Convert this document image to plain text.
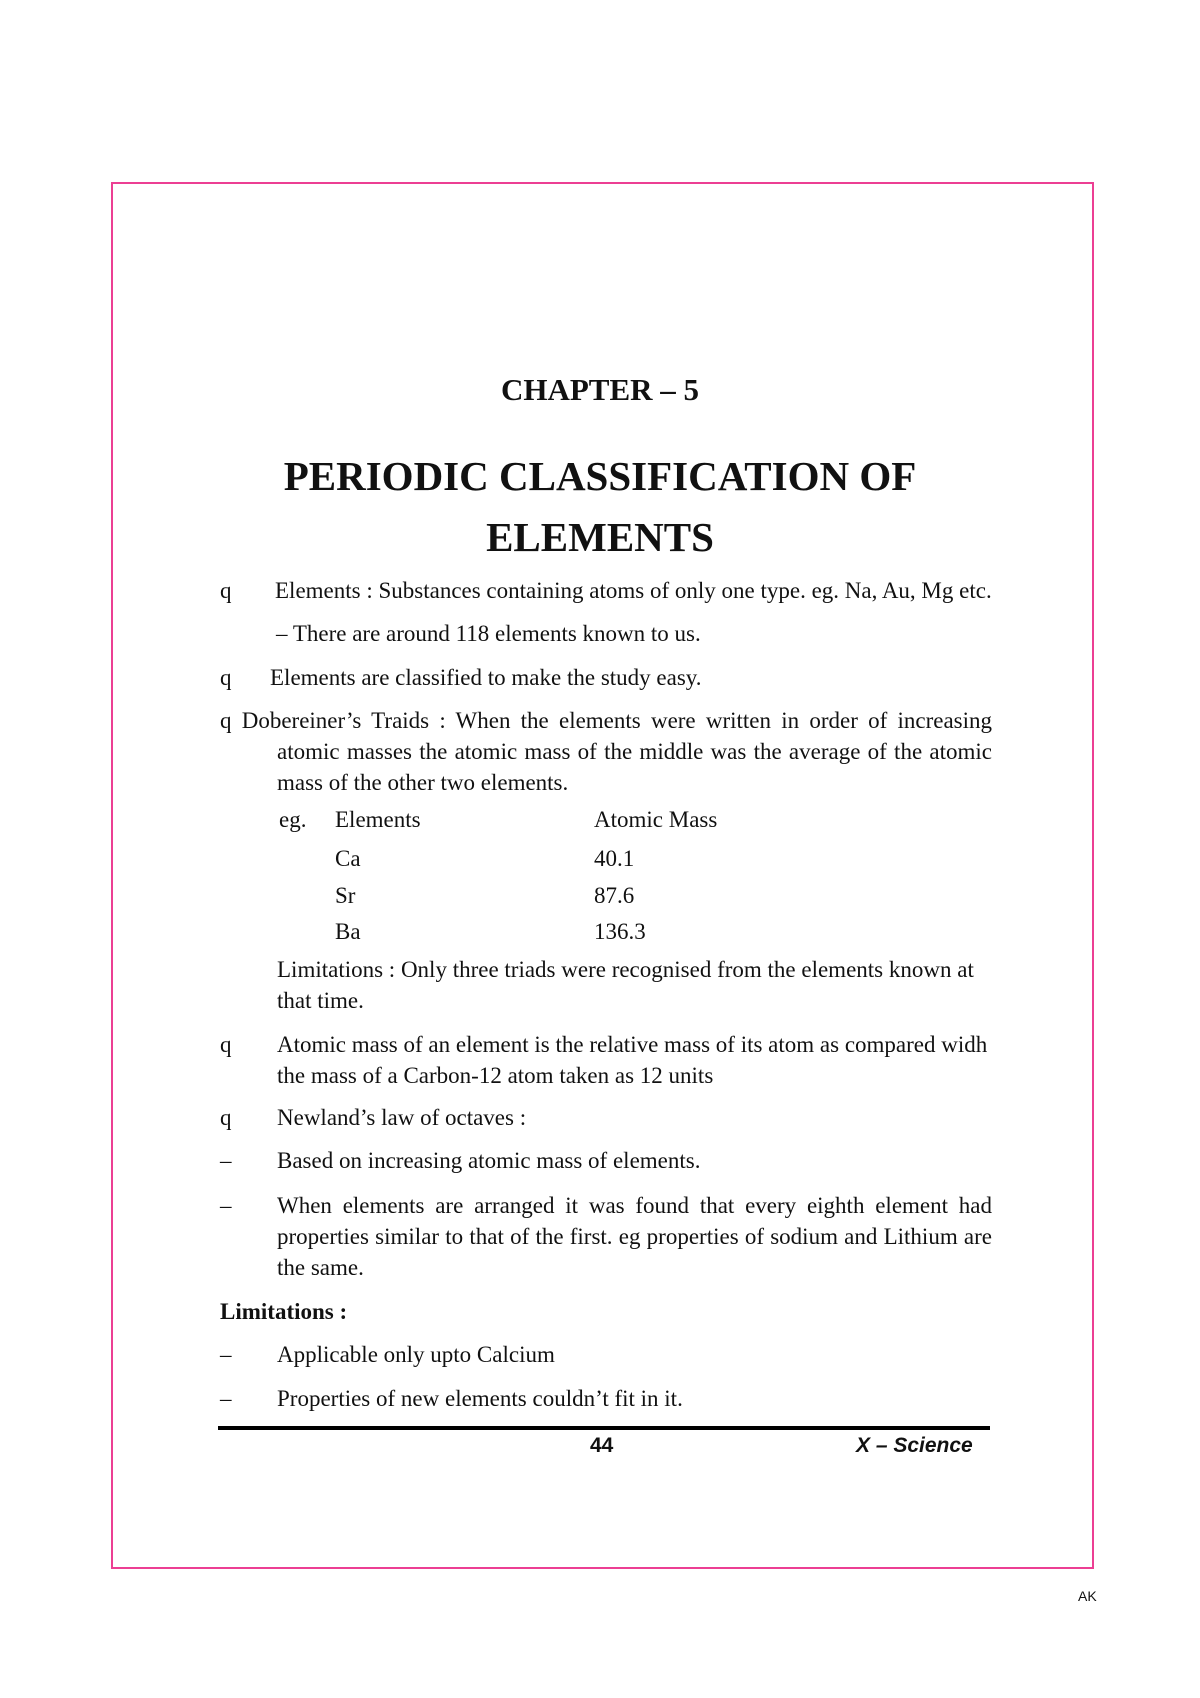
CHAPTER – 5
PERIODIC CLASSIFICATION OF
ELEMENTS
q Elements : Substances containing atoms of only one type. eg. Na, Au, Mg etc.
– There are around 118 elements known to us.
q Elements are classified to make the study easy.
q Dobereiner’s Traids : When the elements were written in order of increasing
atomic masses the atomic mass of the middle was the average of the atomic mass of the other two elements.
eg. Elements	Atomic Mass
Ca	40.1
Sr	87.6
Ba	136.3
Limitations : Only three triads were recognised from the elements known at that time.
q Atomic mass of an element is the relative mass of its atom as compared widh the mass of a Carbon-12 atom taken as 12 units
q Newland’s law of octaves :
– Based on increasing atomic mass of elements.
– When elements are arranged it was found that every eighth element had properties similar to that of the first. eg properties of sodium and Lithium are the same.
Limitations :
– Applicable only upto Calcium
– Properties of new elements couldn’t fit in it.
44	X – Science
AK
